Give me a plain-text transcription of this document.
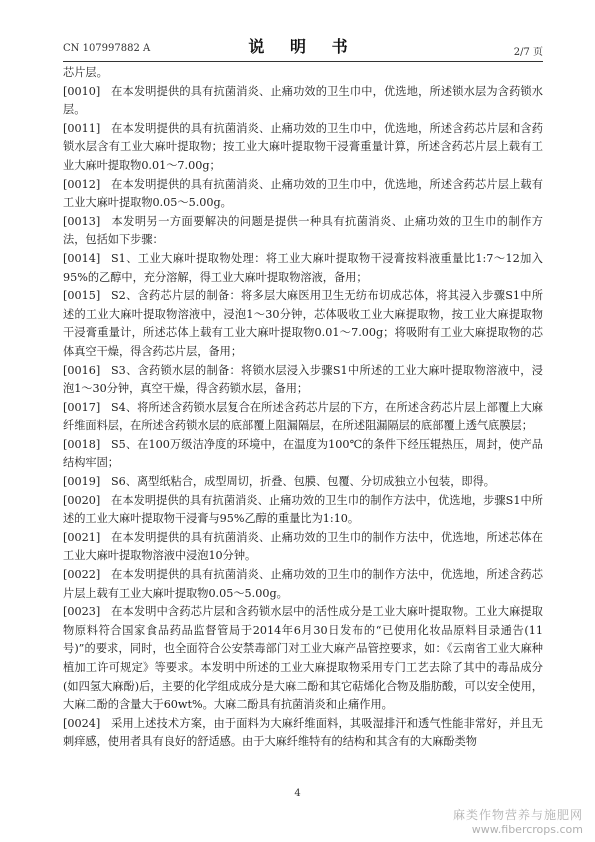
CN 107997882 A	说 明 书	2/7 页

芯片层。

[0010] 在本发明提供的具有抗菌消炎、止痛功效的卫生巾中，优选地，所述锁水层为含药锁水层。

[0011] 在本发明提供的具有抗菌消炎、止痛功效的卫生巾中，优选地，所述含药芯片层和含药锁水层含有工业大麻叶提取物；按工业大麻叶提取物干浸膏重量计算，所述含药芯片层上载有工业大麻叶提取物0.01～7.00g；

[0012] 在本发明提供的具有抗菌消炎、止痛功效的卫生巾中，优选地，所述含药芯片层上载有工业大麻叶提取物0.05～5.00g。

[0013] 本发明另一方面要解决的问题是提供一种具有抗菌消炎、止痛功效的卫生巾的制作方法，包括如下步骤：

[0014] S1、工业大麻叶提取物处理：将工业大麻叶提取物干浸膏按料液重量比1:7～12加入95%的乙醇中，充分溶解，得工业大麻叶提取物溶液，备用；

[0015] S2、含药芯片层的制备：将多层大麻医用卫生无纺布切成芯体，将其浸入步骤S1中所述的工业大麻叶提取物溶液中，浸泡1～30分钟，芯体吸收工业大麻提取物，按工业大麻提取物干浸膏重量计，所述芯体上载有工业大麻叶提取物0.01～7.00g；将吸附有工业大麻提取物的芯体真空干燥，得含药芯片层，备用；

[0016] S3、含药锁水层的制备：将锁水层浸入步骤S1中所述的工业大麻叶提取物溶液中，浸泡1～30分钟，真空干燥，得含药锁水层，备用；

[0017] S4、将所述含药锁水层复合在所述含药芯片层的下方，在所述含药芯片层上部覆上大麻纤维面料层，在所述含药锁水层的底部覆上阻漏隔层，在所述阻漏隔层的底部覆上透气底膜层；

[0018] S5、在100万级洁净度的环境中，在温度为100℃的条件下经压辊热压，周封，使产品结构牢固；

[0019] S6、离型纸粘合，成型周切，折叠、包膜、包覆、分切成独立小包装，即得。

[0020] 在本发明提供的具有抗菌消炎、止痛功效的卫生巾的制作方法中，优选地，步骤S1中所述的工业大麻叶提取物干浸膏与95%乙醇的重量比为1:10。

[0021] 在本发明提供的具有抗菌消炎、止痛功效的卫生巾的制作方法中，优选地，所述芯体在工业大麻叶提取物溶液中浸泡10分钟。

[0022] 在本发明提供的具有抗菌消炎、止痛功效的卫生巾的制作方法中，优选地，所述含药芯片层上载有工业大麻叶提取物0.05～5.00g。

[0023] 在本发明中含药芯片层和含药锁水层中的活性成分是工业大麻叶提取物。工业大麻提取物原料符合国家食品药品监督管局于2014年6月30日发布的“已使用化妆品原料目录通告(11号)”的要求，同时，也全面符合公安禁毒部门对工业大麻产品管控要求，如：《云南省工业大麻种植加工许可规定》等要求。本发明中所述的工业大麻提取物采用专门工艺去除了其中的毒品成分(如四氢大麻酚)后，主要的化学组成成分是大麻二酚和其它萜烯化合物及脂肪酸，可以安全使用，大麻二酚的含量大于60wt%。大麻二酚具有抗菌消炎和止痛作用。

[0024] 采用上述技术方案，由于面料为大麻纤维面料，其吸湿排汗和透气性能非常好，并且无刺痒感，使用者具有良好的舒适感。由于大麻纤维特有的结构和其含有的大麻酚类物

4
麻类作物营养与施肥网
www.fibercrops.com
